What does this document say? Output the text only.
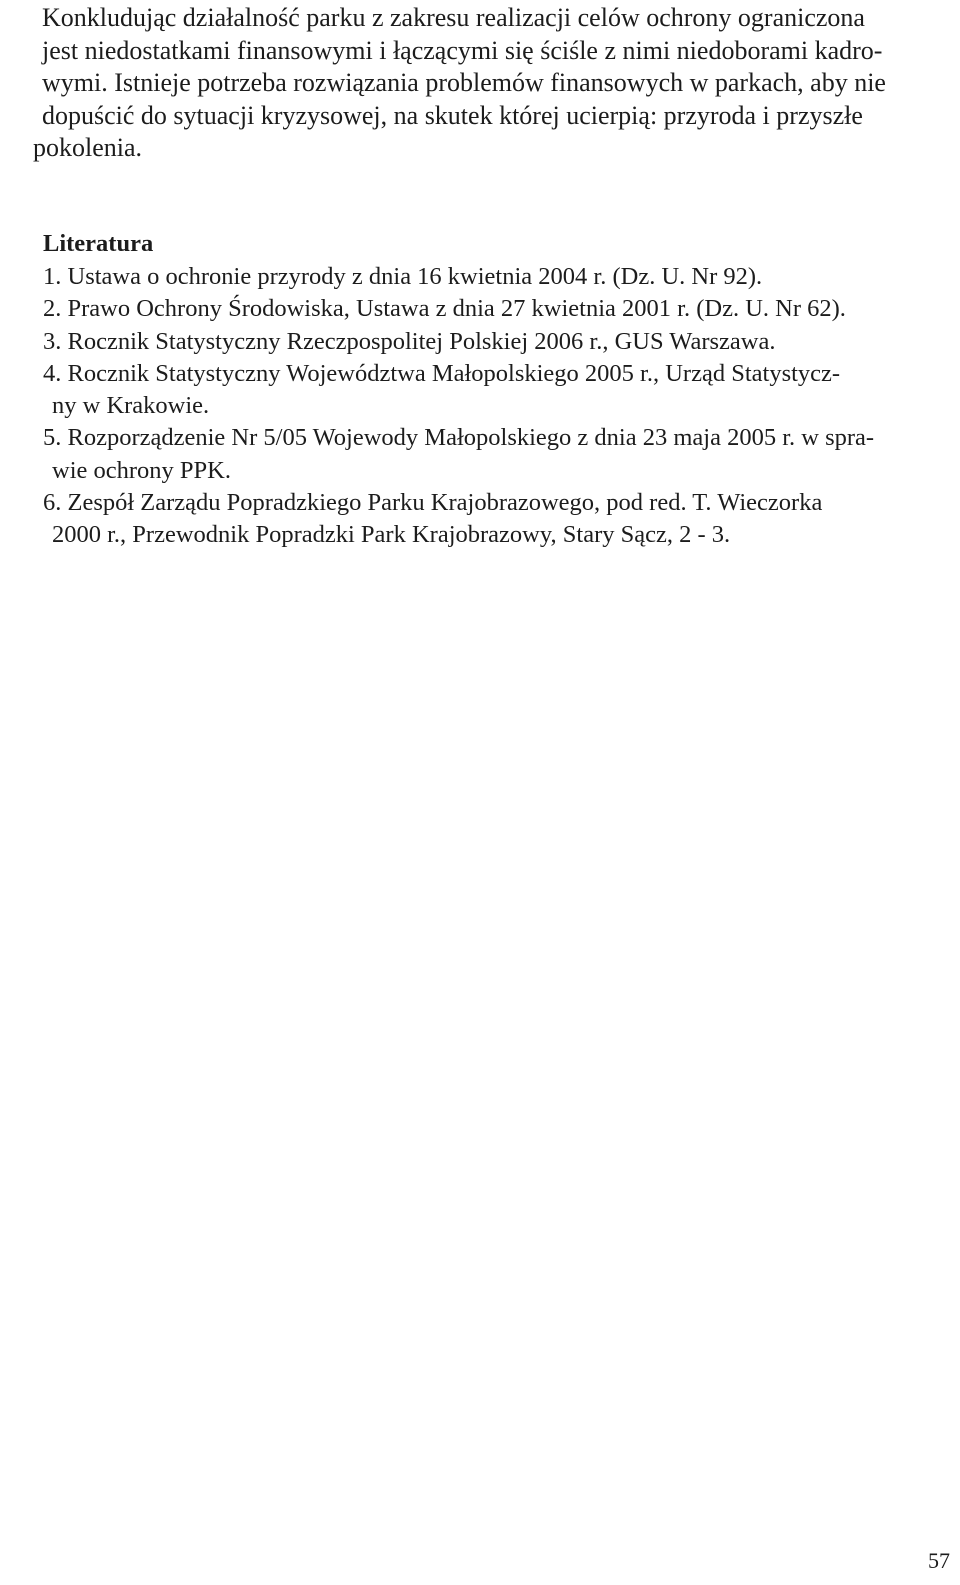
Konkludując działalność parku z zakresu realizacji celów ochrony ograniczona
jest niedostatkami finansowymi i łączącymi się ściśle z nimi niedoborami kadro-
wymi. Istnieje potrzeba rozwiązania problemów finansowych w parkach, aby nie
dopuścić do sytuacji kryzysowej, na skutek której ucierpią: przyroda i przyszłe
pokolenia.
Literatura
1. Ustawa o ochronie przyrody z dnia 16 kwietnia 2004 r. (Dz. U. Nr 92).
2. Prawo Ochrony Środowiska, Ustawa z dnia 27 kwietnia 2001 r. (Dz. U. Nr 62).
3. Rocznik Statystyczny Rzeczpospolitej Polskiej 2006 r., GUS Warszawa.
4. Rocznik Statystyczny Województwa Małopolskiego 2005 r., Urząd Statystycz-
ny w Krakowie.
5. Rozporządzenie Nr 5/05 Wojewody Małopolskiego z dnia 23 maja 2005 r. w spra-
wie ochrony PPK.
6. Zespół Zarządu Popradzkiego Parku Krajobrazowego, pod red. T. Wieczorka
2000 r., Przewodnik Popradzki Park Krajobrazowy, Stary Sącz, 2 - 3.

57
